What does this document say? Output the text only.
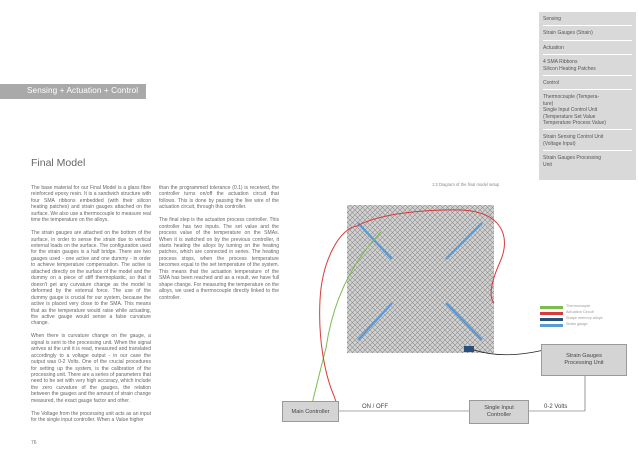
Sensing
Strain Gauges (Strain)
Actuation
4 SMA Ribbons
Silicon Heating Patches
Control
Thermocouple (Tempera-
ture)
Single Input Control Unit
(Temperature Set Value
Temperature Process Value)
Strain Sensing Control Unit
(Voltage Input)
Strain Gauges Processing
Unit
Sensing + Actuation + Control
Final Model

The base material for our Final Model is a glass fibre reinforced epoxy resin. It is a sandwich structure with four SMA ribbons embedded (with their silicon heating patches) and strain gauges attached on the surface. We also use a thermocouple to measure real time the temperature on the alloys.

The strain gauges are attached on the bottom of the surface, in order to sense the strain due to vertical external loads on the surface. The configuration used for the strain gauges is a half bridge. There are two gauges used - one active and one dummy - in order to achieve temperature compensation. The active is attached directly on the surface of the model and the dummy on a piece of stiff thermoplastic, so that it doesn't get any curvature change as the model is deformed by the external force. The use of the dummy gauge is crucial for our system, because the active is placed very close to the SMA. This means that as the temperature would raise while actuating, the active gauge would sense a false curvature change.

When there is curvature change on the gauge, a signal is sent to the processing unit. When the signal arrives at the unit it is read, measured and translated accordingly to a voltage output - in our case the output was 0-2 Volts. One of the crucial procedures for setting up the system, is the calibration of the processing unit. There are a series of parameters that need to be set with very high accuracy, which include the zero curvature of the gauges, the relation between the gauges and the amount of strain change measured, the exact gauge factor and other.

The Voltage from the processing unit acts as an input for the single input controller. When a Value higher

than the programmed tolerance (0.1) is received, the controller turns on/off the actuation circuit that follows. This is done by passing the live wire of the actuation circuit, through this controller.

The final step is the actuation process controller. This controller has two inputs. The set value and the process value of the temperature on the SMAs. When it is switched on by the previous controller, it starts heating the alloys by turning on the heating patches, which are connected in series. The heating process stops, when the process temperature becomes equal to the set temperature of the system. This means that the actuation temperature of the SMA has been reached and as a result, we have full shape change. For measuring the temperature on the alloys, we used a thermocouple directly linked to the controller.

1:2 Diagram of the final model setup
Thermocouple
Actuation Circuit
Shape memory alloys
Strain gauge
Strain Gauges
Processing Unit
Main Controller
Single Input
Controller
ON / OFF	0-2 Volts
76
